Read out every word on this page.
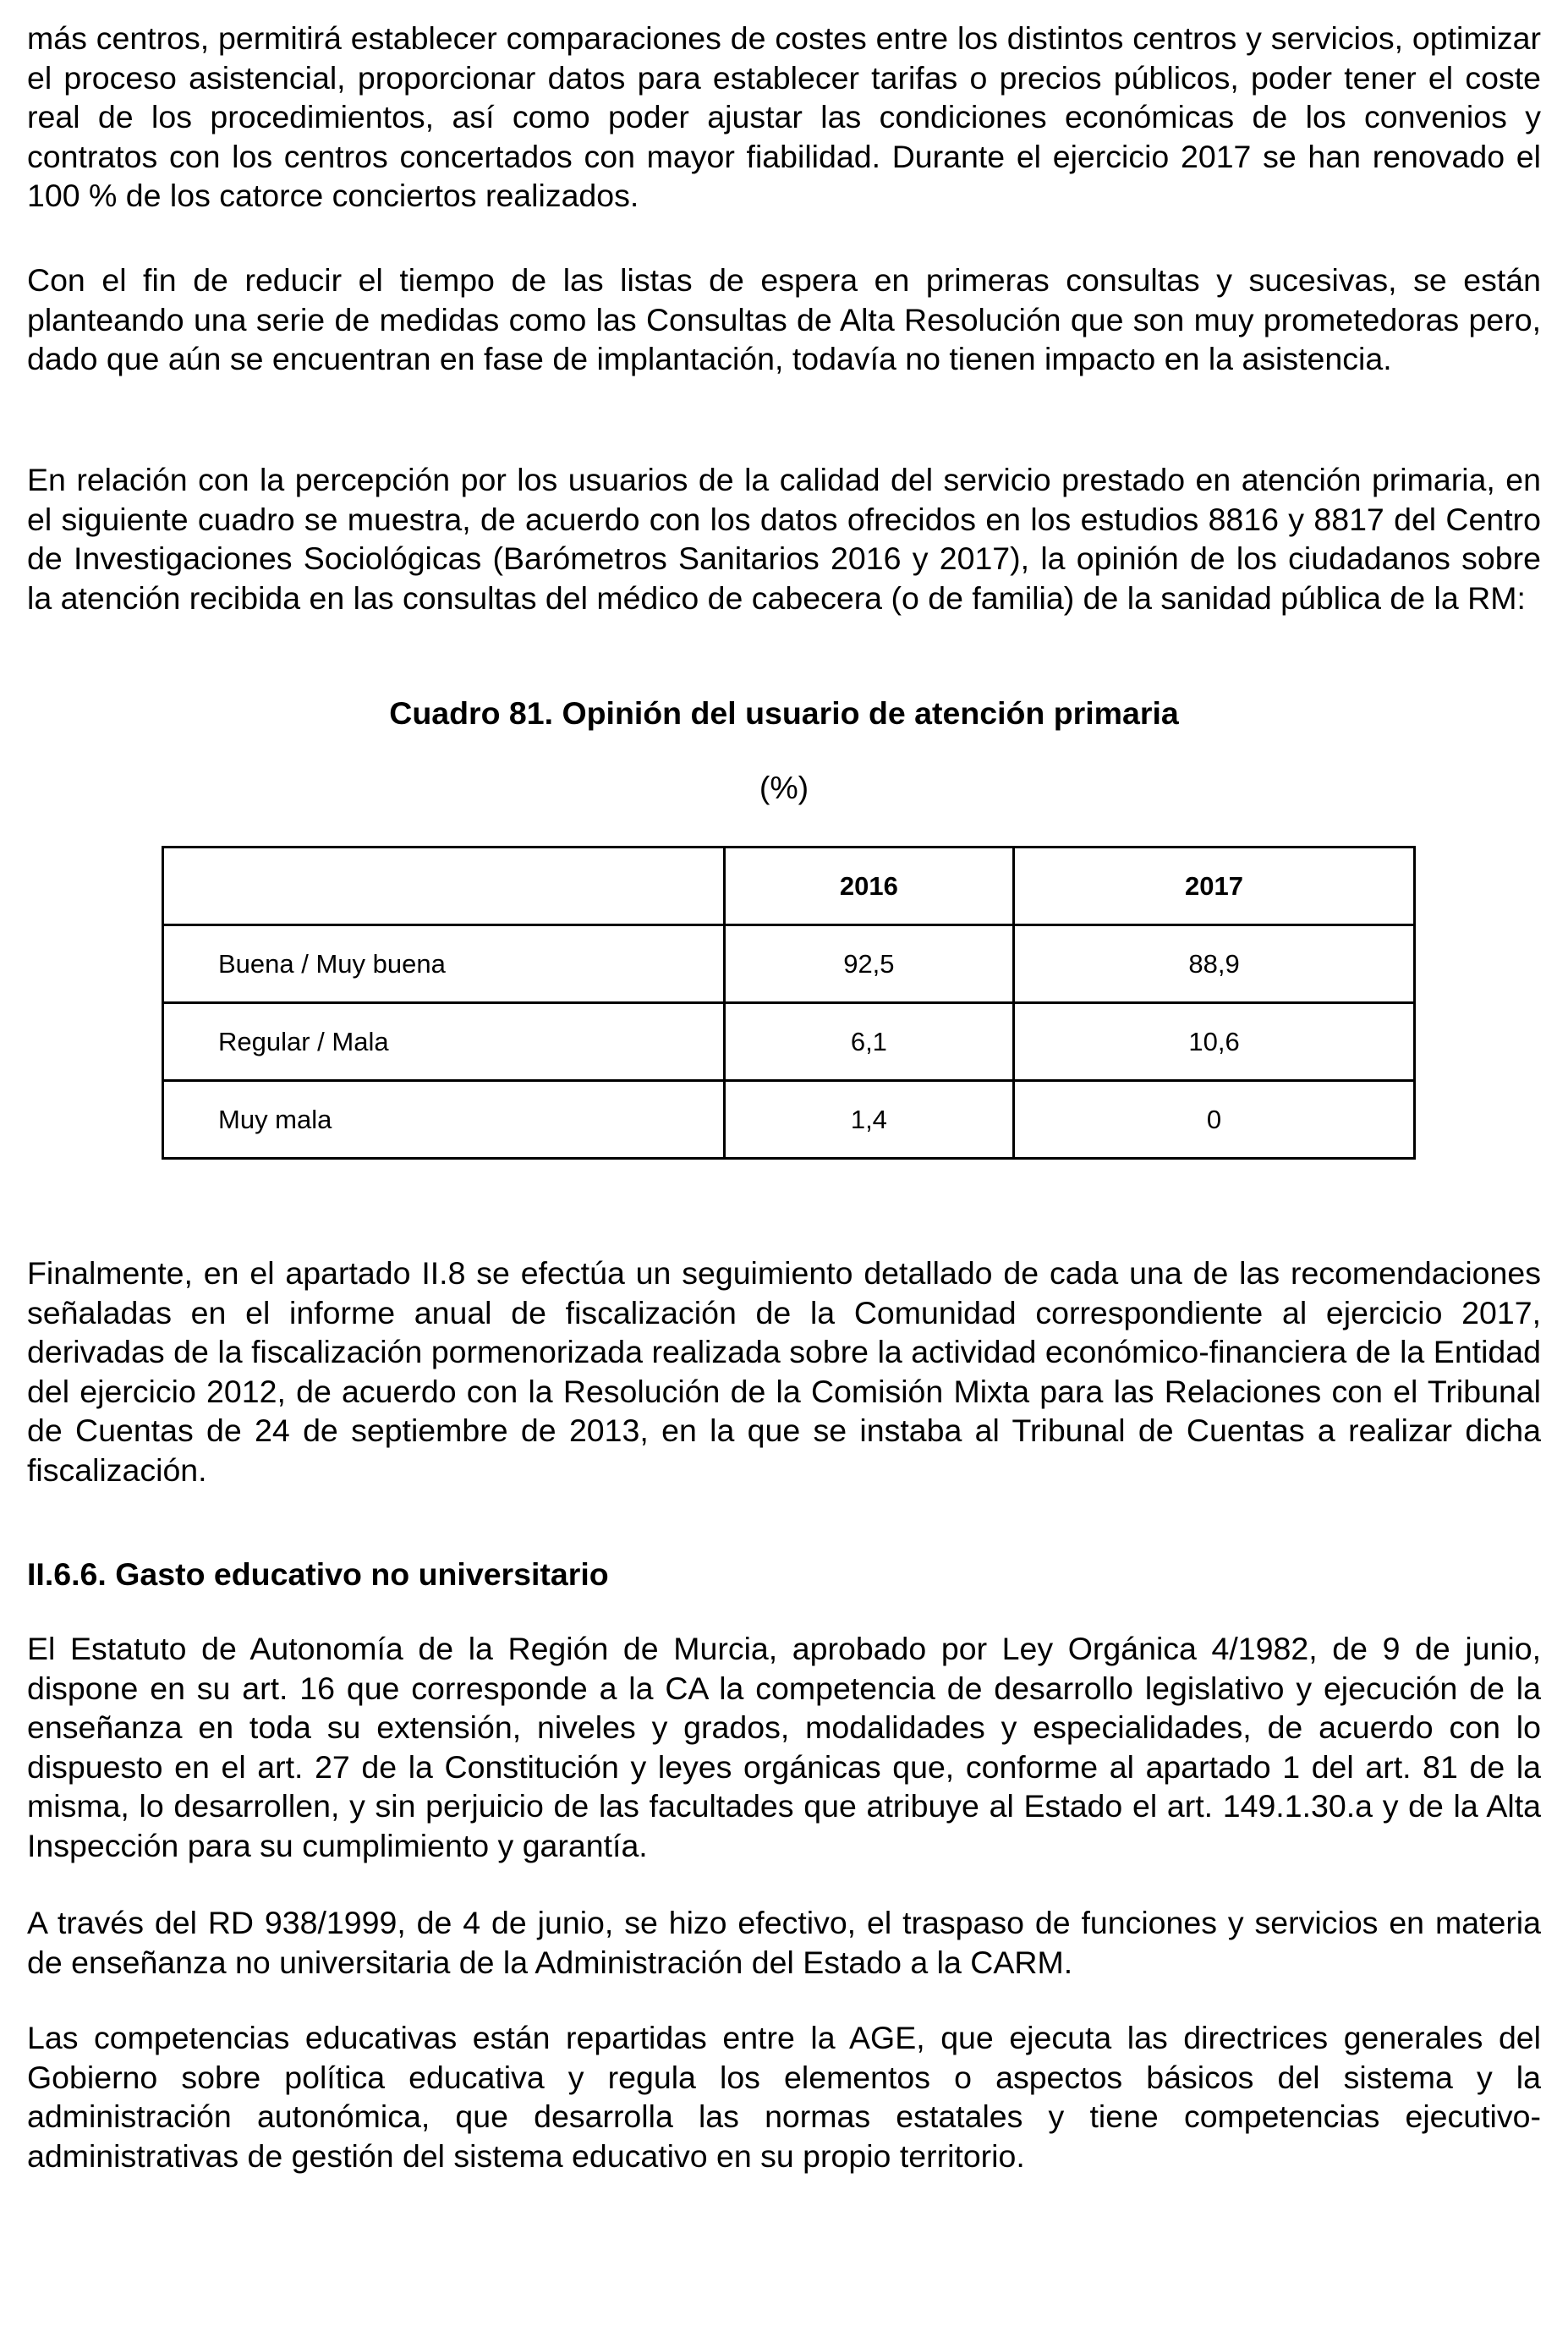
más centros, permitirá establecer comparaciones de costes entre los distintos centros y servicios, optimizar el proceso asistencial, proporcionar datos para establecer tarifas o precios públicos, poder tener el coste real de los procedimientos, así como poder ajustar las condiciones económicas de los convenios y contratos con los centros concertados con mayor fiabilidad. Durante el ejercicio 2017 se han renovado el 100 % de los catorce conciertos realizados.

Con el fin de reducir el tiempo de las listas de espera en primeras consultas y sucesivas, se están planteando una serie de medidas como las Consultas de Alta Resolución que son muy prometedoras pero, dado que aún se encuentran en fase de implantación, todavía no tienen impacto en la asistencia.

En relación con la percepción por los usuarios de la calidad del servicio prestado en atención primaria, en el siguiente cuadro se muestra, de acuerdo con los datos ofrecidos en los estudios 8816 y 8817 del Centro de Investigaciones Sociológicas (Barómetros Sanitarios 2016 y 2017), la opinión de los ciudadanos sobre la atención recibida en las consultas del médico de cabecera (o de familia) de la sanidad pública de la RM:

Cuadro 81. Opinión del usuario de atención primaria

(%)

	2016	2017
Buena / Muy buena	92,5	88,9
Regular / Mala	6,1	10,6
Muy mala	1,4	0

Finalmente, en el apartado II.8 se efectúa un seguimiento detallado de cada una de las recomendaciones señaladas en el informe anual de fiscalización de la Comunidad correspondiente al ejercicio 2017, derivadas de la fiscalización pormenorizada realizada sobre la actividad económico-financiera de la Entidad del ejercicio 2012, de acuerdo con la Resolución de la Comisión Mixta para las Relaciones con el Tribunal de Cuentas de 24 de septiembre de 2013, en la que se instaba al Tribunal de Cuentas a realizar dicha fiscalización.

II.6.6. Gasto educativo no universitario

El Estatuto de Autonomía de la Región de Murcia, aprobado por Ley Orgánica 4/1982, de 9 de junio, dispone en su art. 16 que corresponde a la CA la competencia de desarrollo legislativo y ejecución de la enseñanza en toda su extensión, niveles y grados, modalidades y especialidades, de acuerdo con lo dispuesto en el art. 27 de la Constitución y leyes orgánicas que, conforme al apartado 1 del art. 81 de la misma, lo desarrollen, y sin perjuicio de las facultades que atribuye al Estado el art. 149.1.30.a y de la Alta Inspección para su cumplimiento y garantía.

A través del RD 938/1999, de 4 de junio, se hizo efectivo, el traspaso de funciones y servicios en materia de enseñanza no universitaria de la Administración del Estado a la CARM.

Las competencias educativas están repartidas entre la AGE, que ejecuta las directrices generales del Gobierno sobre política educativa y regula los elementos o aspectos básicos del sistema y la administración autonómica, que desarrolla las normas estatales y tiene competencias ejecutivo-administrativas de gestión del sistema educativo en su propio territorio.
